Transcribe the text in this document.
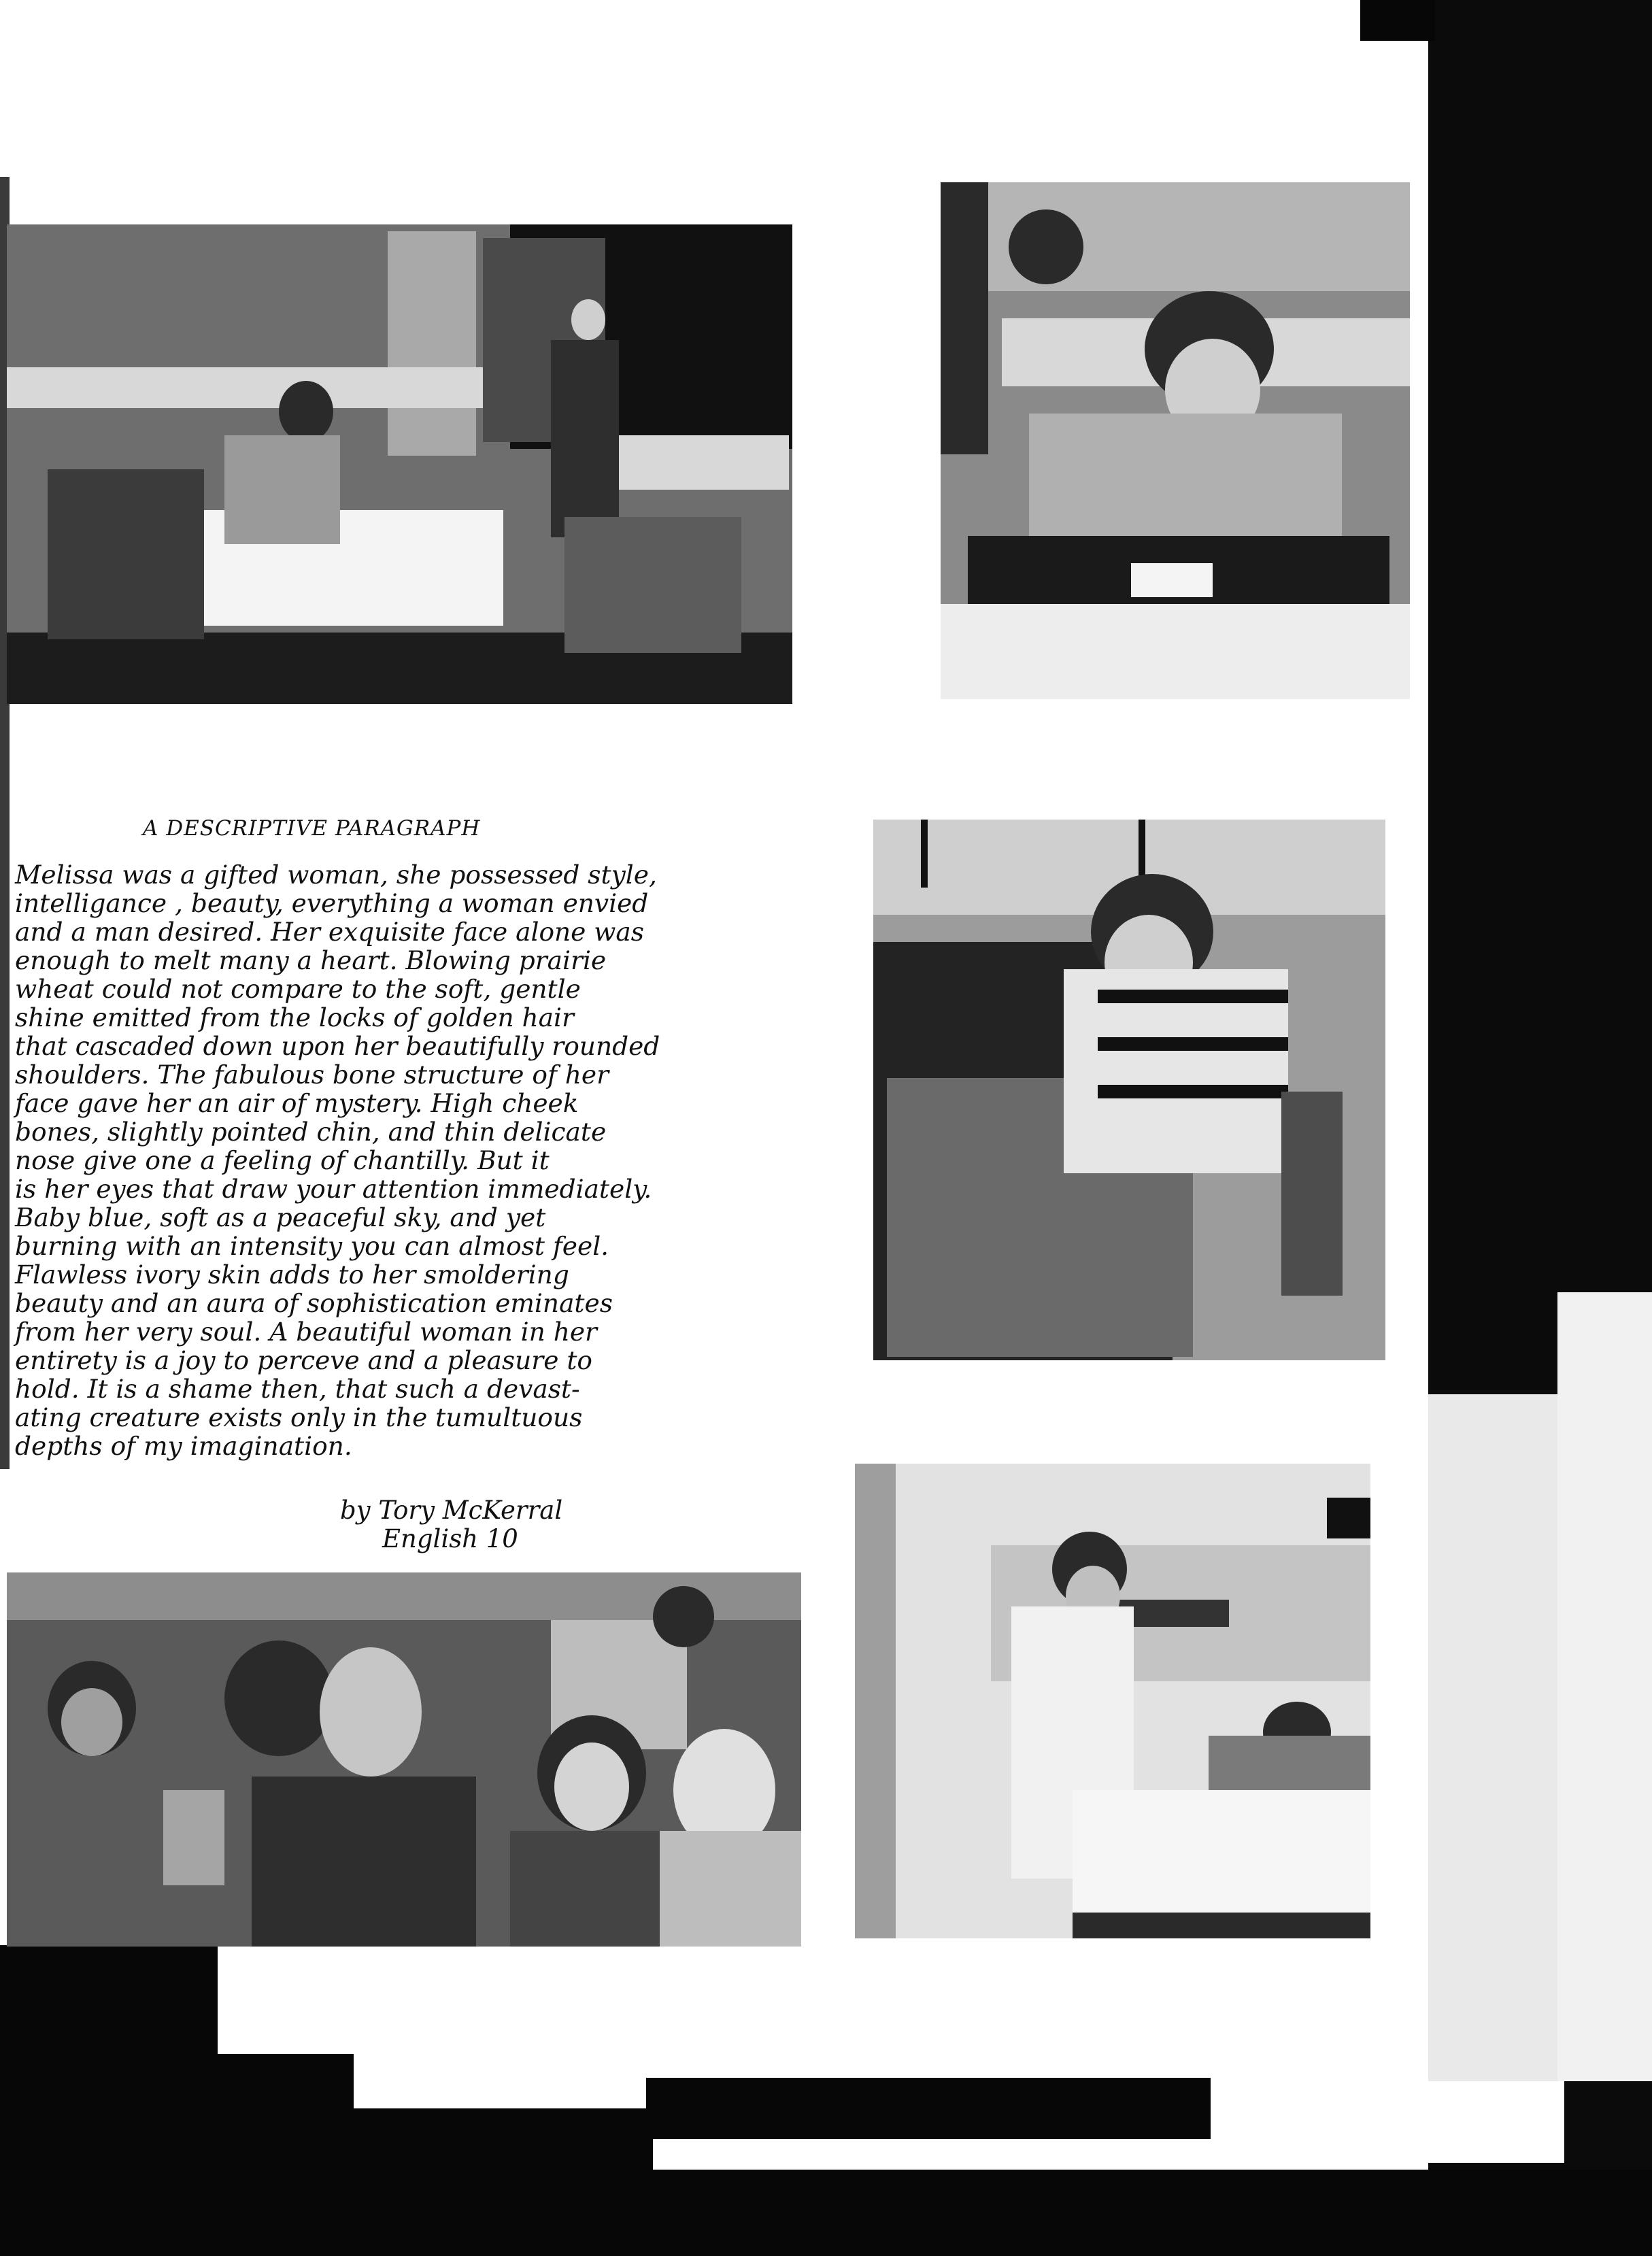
A DESCRIPTIVE PARAGRAPH
Melissa was a gifted woman, she possessed style,
intelligance , beauty, everything a woman envied
and a man desired. Her exquisite face alone was
enough to melt many a heart. Blowing prairie
wheat could not compare to the soft, gentle
shine emitted from the locks of golden hair
that cascaded down upon her beautifully rounded
shoulders. The fabulous bone structure of her
face gave her an air of mystery. High cheek
bones, slightly pointed chin, and thin delicate
nose give one a feeling of chantilly. But it
is her eyes that draw your attention immediately.
Baby blue, soft as a peaceful sky, and yet
burning with an intensity you can almost feel.
Flawless ivory skin adds to her smoldering
beauty and an aura of sophistication eminates
from her very soul. A beautiful woman in her
entirety is a joy to perceve and a pleasure to
hold. It is a shame then, that such a devast-
ating creature exists only in the tumultuous
depths of my imagination.
by Tory McKerral
English 10
